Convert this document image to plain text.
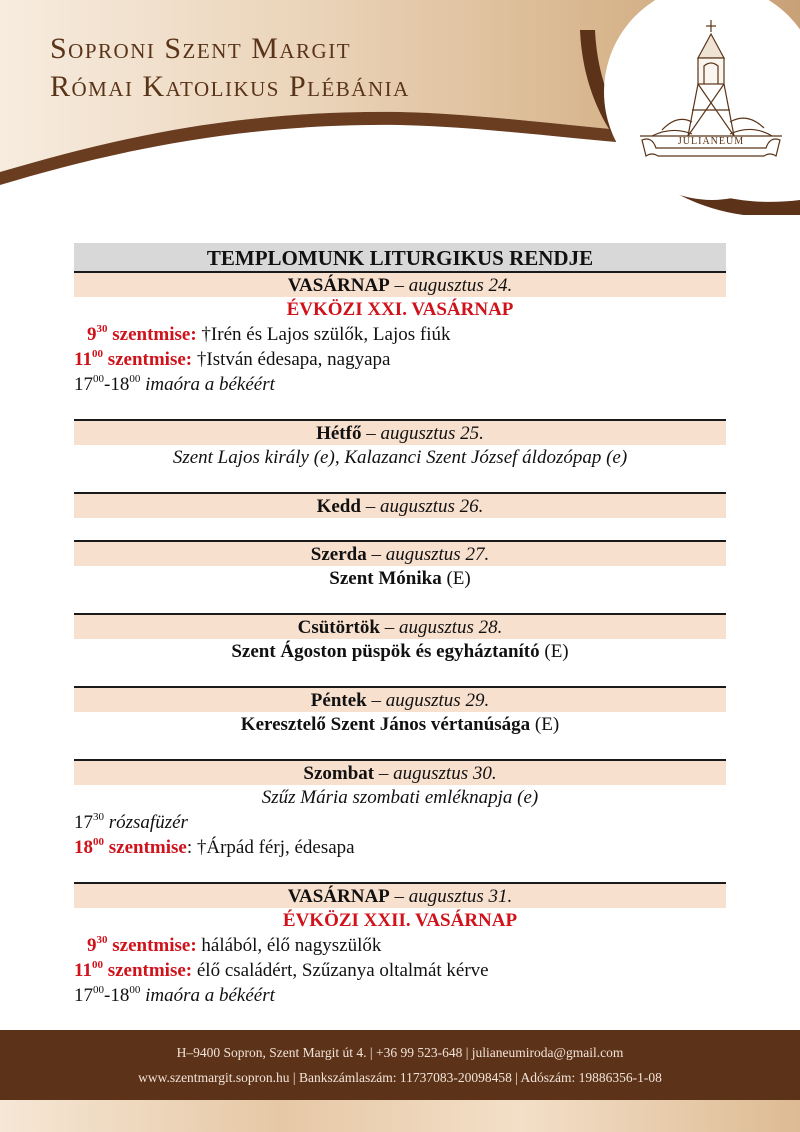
Soproni Szent Margit
Római Katolikus Plébánia
JULIANEUM
TEMPLOMUNK LITURGIKUS RENDJE
VASÁRNAP – augusztus 24.
ÉVKÖZI XXI. VASÁRNAP
$9^{30}$ szentmise: †Irén és Lajos szülők, Lajos fiúk
$11^{00}$ szentmise: †István édesapa, nagyapa
$17^{00}-18^{00}$ imaóra a békéért
Hétfő – augusztus 25.
Szent Lajos király (e), Kalazanci Szent József áldozópap (e)
Kedd – augusztus 26.
Szerda – augusztus 27.
Szent Mónika (E)
Csütörtök – augusztus 28.
Szent Ágoston püspök és egyháztanító (E)
Péntek – augusztus 29.
Keresztelő Szent János vértanúsága (E)
Szombat – augusztus 30.
Szűz Mária szombati emléknapja (e)
$17^{30}$ rózsafüzér
$18^{00}$ szentmise: †Árpád férj, édesapa
VASÁRNAP – augusztus 31.
ÉVKÖZI XXII. VASÁRNAP
$9^{30}$ szentmise: hálából, élő nagyszülők
$11^{00}$ szentmise: élő családért, Szűzanya oltalmát kérve
$17^{00}-18^{00}$ imaóra a békéért
H–9400 Sopron, Szent Margit út 4. | +36 99 523-648 | julianeumiroda@gmail.com
www.szentmargit.sopron.hu | Bankszámlaszám: 11737083-20098458 | Adószám: 19886356-1-08
